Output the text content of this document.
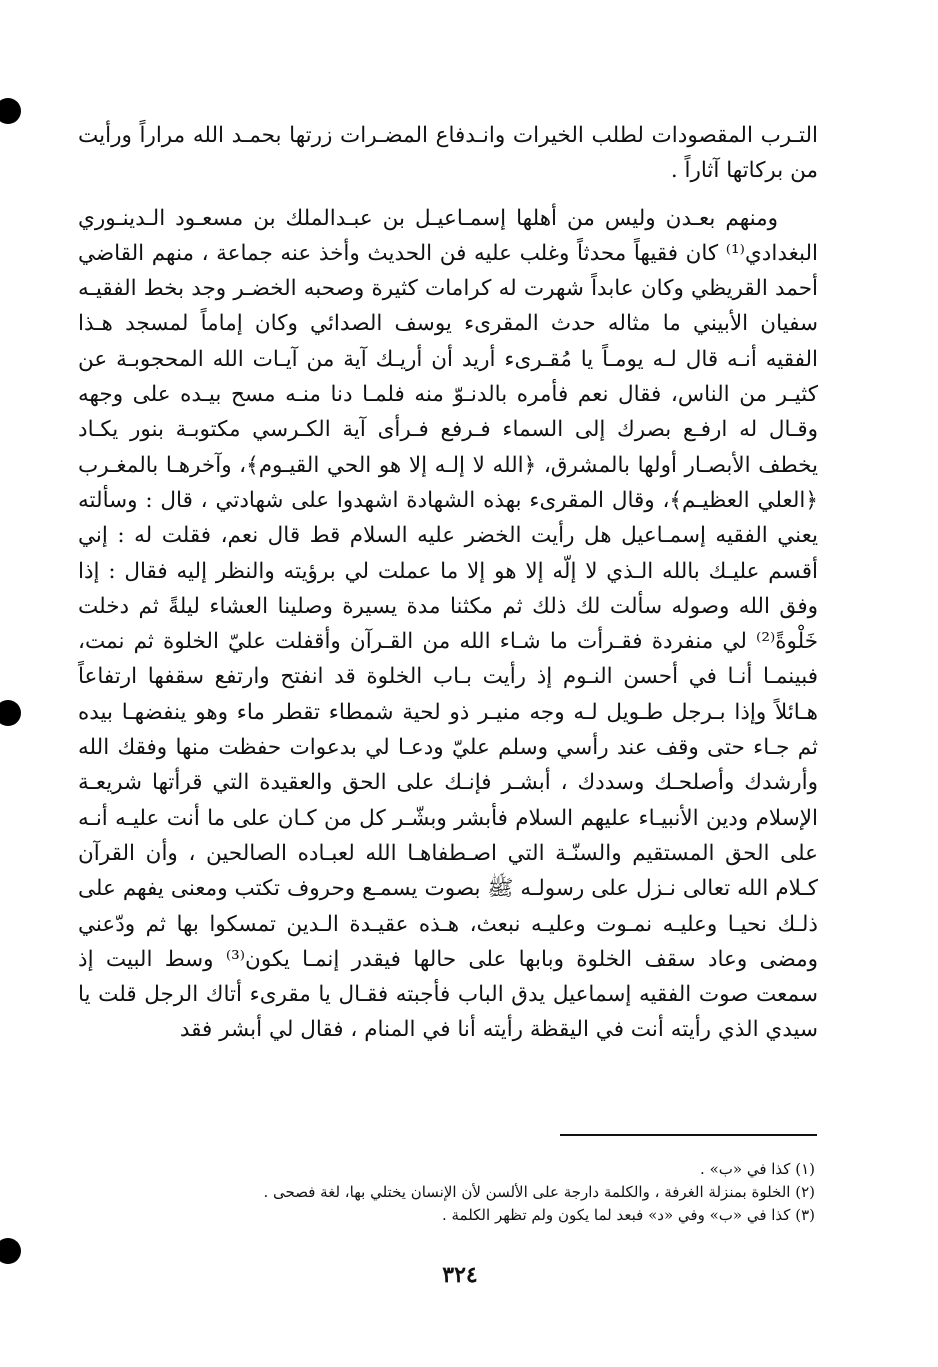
التـرب المقصودات لطلب الخيرات وانـدفاع المضـرات زرتها بحمـد الله مراراً ورأيت من بركاتها آثاراً .

ومنهم بعـدن وليس من أهلها إسمـاعيـل بن عبـدالملك بن مسعـود الـدينـوري البغدادي⁽¹⁾ كان فقيهاً محدثاً وغلب عليه فن الحديث وأخذ عنه جماعة ، منهم القاضي أحمد القريظي وكان عابداً شهرت له كرامات كثيرة وصحبه الخضـر وجد بخط الفقيـه سفيان الأبيني ما مثاله حدث المقرىء يوسف الصدائي وكان إماماً لمسجد هـذا الفقيه أنـه قال لـه يومـاً يا مُقـرىء أريد أن أريـك آية من آيـات الله المحجوبـة عن كثيـر من الناس، فقال نعم فأمره بالدنـوّ منه فلمـا دنا منـه مسح بيـده على وجهه وقـال له ارفـع بصرك إلى السماء فـرفع فـرأى آية الكـرسي مكتوبـة بنور يكـاد يخطف الأبصـار أولها بالمشرق، ﴿الله لا إلـه إلا هو الحي القيـوم﴾، وآخرهـا بالمغـرب ﴿العلي العظيـم﴾، وقال المقرىء بهذه الشهادة اشهدوا على شهادتي ، قال : وسألته يعني الفقيه إسمـاعيل هل رأيت الخضر عليه السلام قط قال نعم، فقلت له : إني أقسم عليـك بالله الـذي لا إلّه إلا هو إلا ما عملت لي برؤيته والنظر إليه فقال : إذا وفق الله وصوله سألت لك ذلك ثم مكثنا مدة يسيرة وصلينا العشاء ليلةً ثم دخلت خَلْوةً⁽²⁾ لي منفردة فقـرأت ما شـاء الله من القـرآن وأقفلت عليّ الخلوة ثم نمت، فبينمـا أنـا في أحسن النـوم إذ رأيت بـاب الخلوة قد انفتح وارتفع سقفها ارتفاعاً هـائلاً وإذا بـرجل طـويل لـه وجه منيـر ذو لحية شمطاء تقطر ماء وهو ينفضهـا بيده ثم جـاء حتى وقف عند رأسي وسلم عليّ ودعـا لي بدعوات حفظت منها وفقك الله وأرشدك وأصلحـك وسددك ، أبشـر فإنـك على الحق والعقيدة التي قرأتها شريعـة الإسلام ودين الأنبيـاء عليهم السلام فأبشر وبشّـر كل من كـان على ما أنت عليـه أنـه على الحق المستقيم والسنّـة التي اصـطفاهـا الله لعبـاده الصالحين ، وأن القرآن كـلام الله تعالى نـزل على رسولـه ﷺ بصوت يسمـع وحروف تكتب ومعنى يفهم على ذلـك نحيـا وعليـه نمـوت وعليـه نبعث، هـذه عقيـدة الـدين تمسكوا بها ثم ودّعني ومضى وعاد سقف الخلوة وبابها على حالها فيقدر إنمـا يكون⁽³⁾ وسط البيت إذ سمعت صوت الفقيه إسماعيل يدق الباب فأجبته فقـال يا مقرىء أتاك الرجل قلت يا سيدي الذي رأيته أنت في اليقظة رأيته أنا في المنام ، فقال لي أبشر فقد

(١) كذا في «ب» .

(٢) الخلوة بمنزلة الغرفة ، والكلمة دارجة على الألسن لأن الإنسان يختلي بها، لغة فصحى .

(٣) كذا في «ب» وفي «د» فبعد لما يكون ولم تظهر الكلمة .

٣٢٤
